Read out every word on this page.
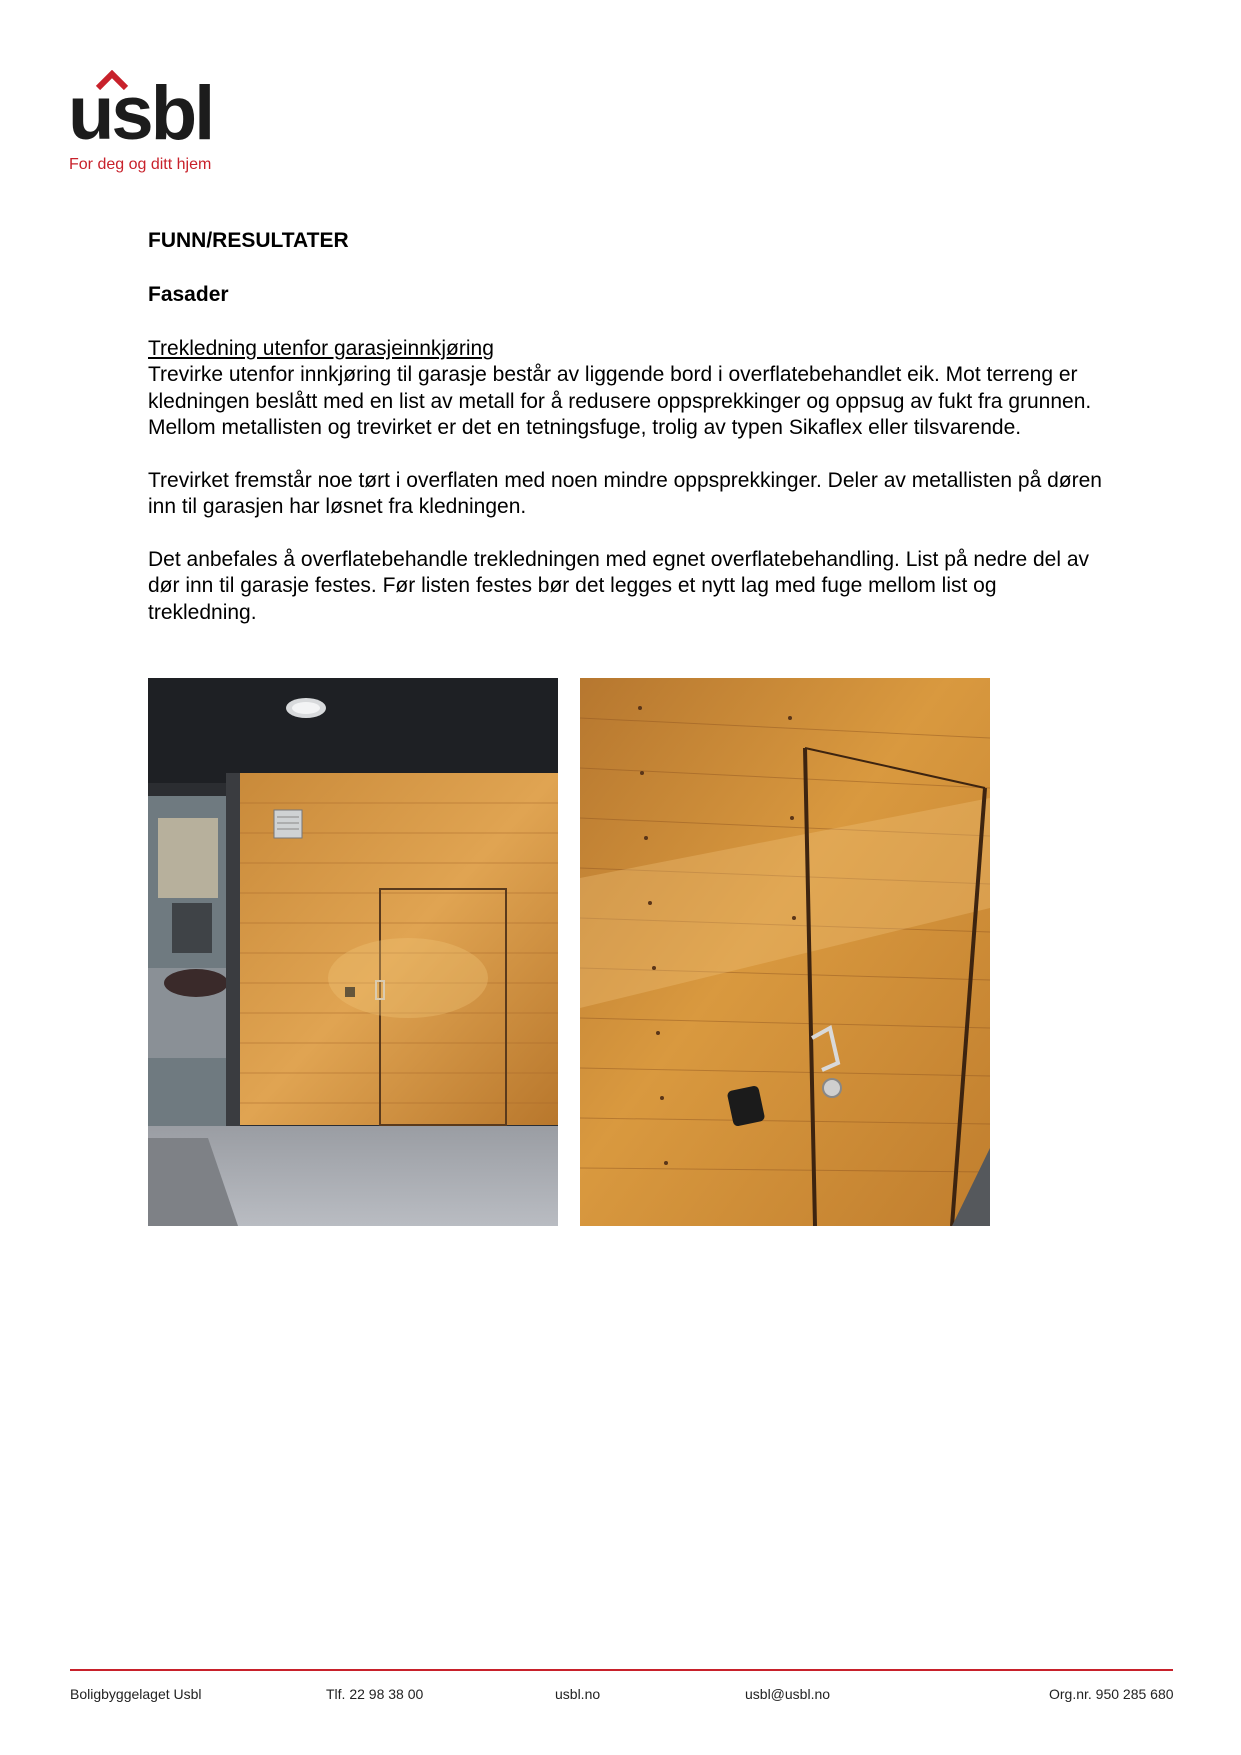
usbl
For deg og ditt hjem

FUNN/RESULTATER

Fasader

Trekledning utenfor garasjeinnkjøring

Trevirke utenfor innkjøring til garasje består av liggende bord i overflatebehandlet eik. Mot terreng er kledningen beslått med en list av metall for å redusere oppsprekkinger og oppsug av fukt fra grunnen. Mellom metallisten og trevirket er det en tetningsfuge, trolig av typen Sikaflex eller tilsvarende.

Trevirket fremstår noe tørt i overflaten med noen mindre oppsprekkinger. Deler av metallisten på døren inn til garasjen har løsnet fra kledningen.

Det anbefales å overflatebehandle trekledningen med egnet overflatebehandling. List på nedre del av dør inn til garasje festes. Før listen festes bør det legges et nytt lag med fuge mellom list og trekledning.

Boligbyggelaget Usbl	Tlf. 22 98 38 00	usbl.no	usbl@usbl.no	Org.nr. 950 285 680
